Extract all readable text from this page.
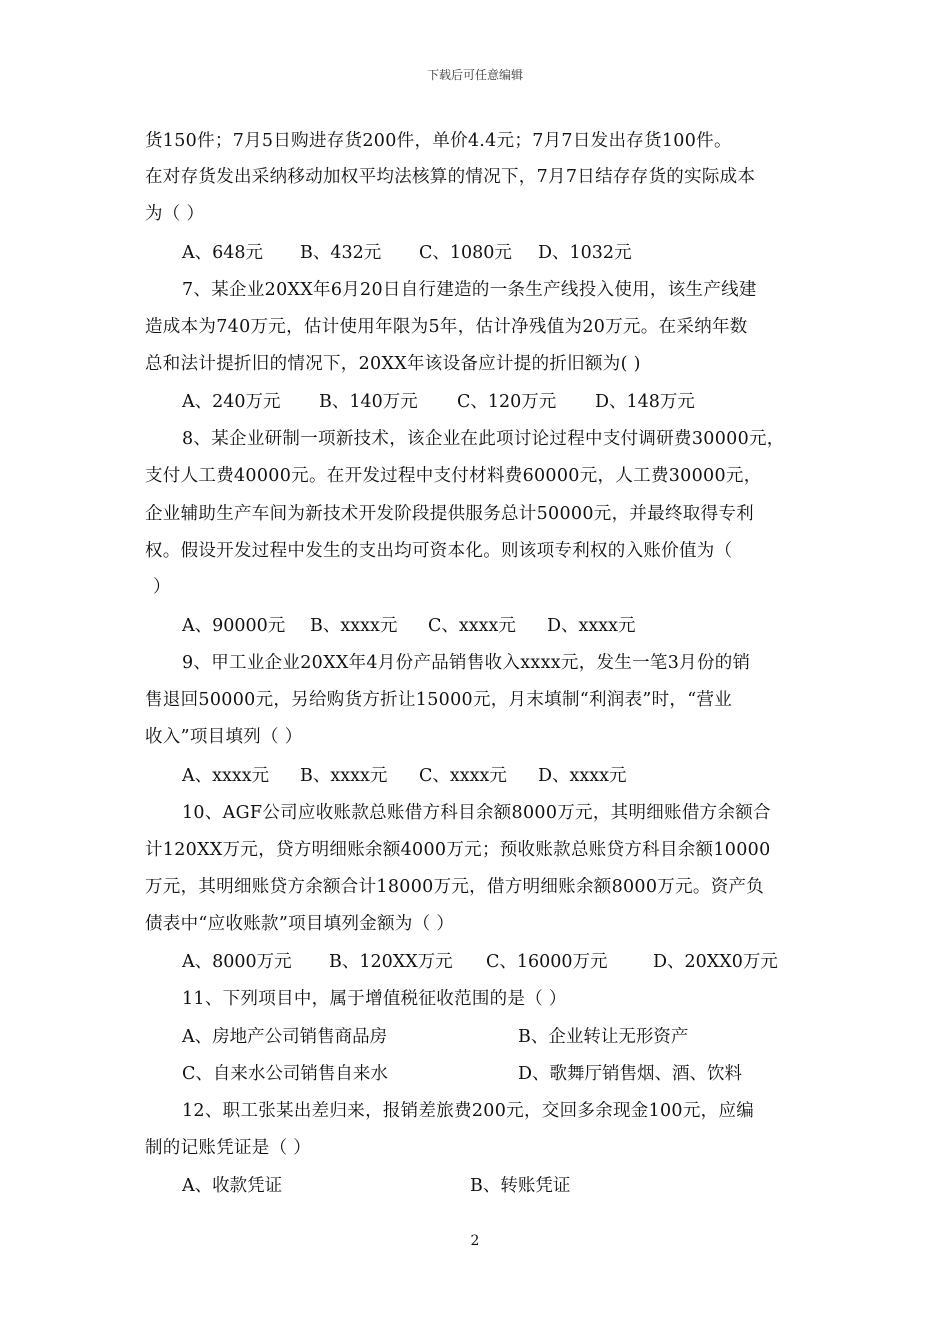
下载后可任意编辑
货150件；7月5日购进存货200件，单价4.4元；7月7日发出存货100件。
在对存货发出采纳移动加权平均法核算的情况下，7月7日结存存货的实际成本
为（ ）
A、648元 B、432元 C、1080元 D、1032元
7、某企业20XX年6月20日自行建造的一条生产线投入使用，该生产线建
造成本为740万元，估计使用年限为5年，估计净残值为20万元。在采纳年数
总和法计提折旧的情况下，20XX年该设备应计提的折旧额为( )
A、240万元 B、140万元 C、120万元 D、148万元
8、某企业研制一项新技术，该企业在此项讨论过程中支付调研费30000元，
支付人工费40000元。在开发过程中支付材料费60000元，人工费30000元，
企业辅助生产车间为新技术开发阶段提供服务总计50000元，并最终取得专利
权。假设开发过程中发生的支出均可资本化。则该项专利权的入账价值为（
）
A、90000元 B、xxxx元 C、xxxx元 D、xxxx元
9、甲工业企业20XX年4月份产品销售收入xxxx元，发生一笔3月份的销
售退回50000元，另给购货方折让15000元，月末填制“利润表”时，“营业
收入”项目填列（ ）
A、xxxx元 B、xxxx元 C、xxxx元 D、xxxx元
10、AGF公司应收账款总账借方科目余额8000万元，其明细账借方余额合
计120XX万元，贷方明细账余额4000万元；预收账款总账贷方科目余额10000
万元，其明细账贷方余额合计18000万元，借方明细账余额8000万元。资产负
债表中“应收账款”项目填列金额为（ ）
A、8000万元 B、120XX万元 C、16000万元	D、20XX0万元
11、下列项目中，属于增值税征收范围的是（ ）
A、房地产公司销售商品房	B、企业转让无形资产
C、自来水公司销售自来水	D、歌舞厅销售烟、酒、饮料
12、职工张某出差归来，报销差旅费200元，交回多余现金100元，应编
制的记账凭证是（ ）
A、收款凭证	B、转账凭证
2
